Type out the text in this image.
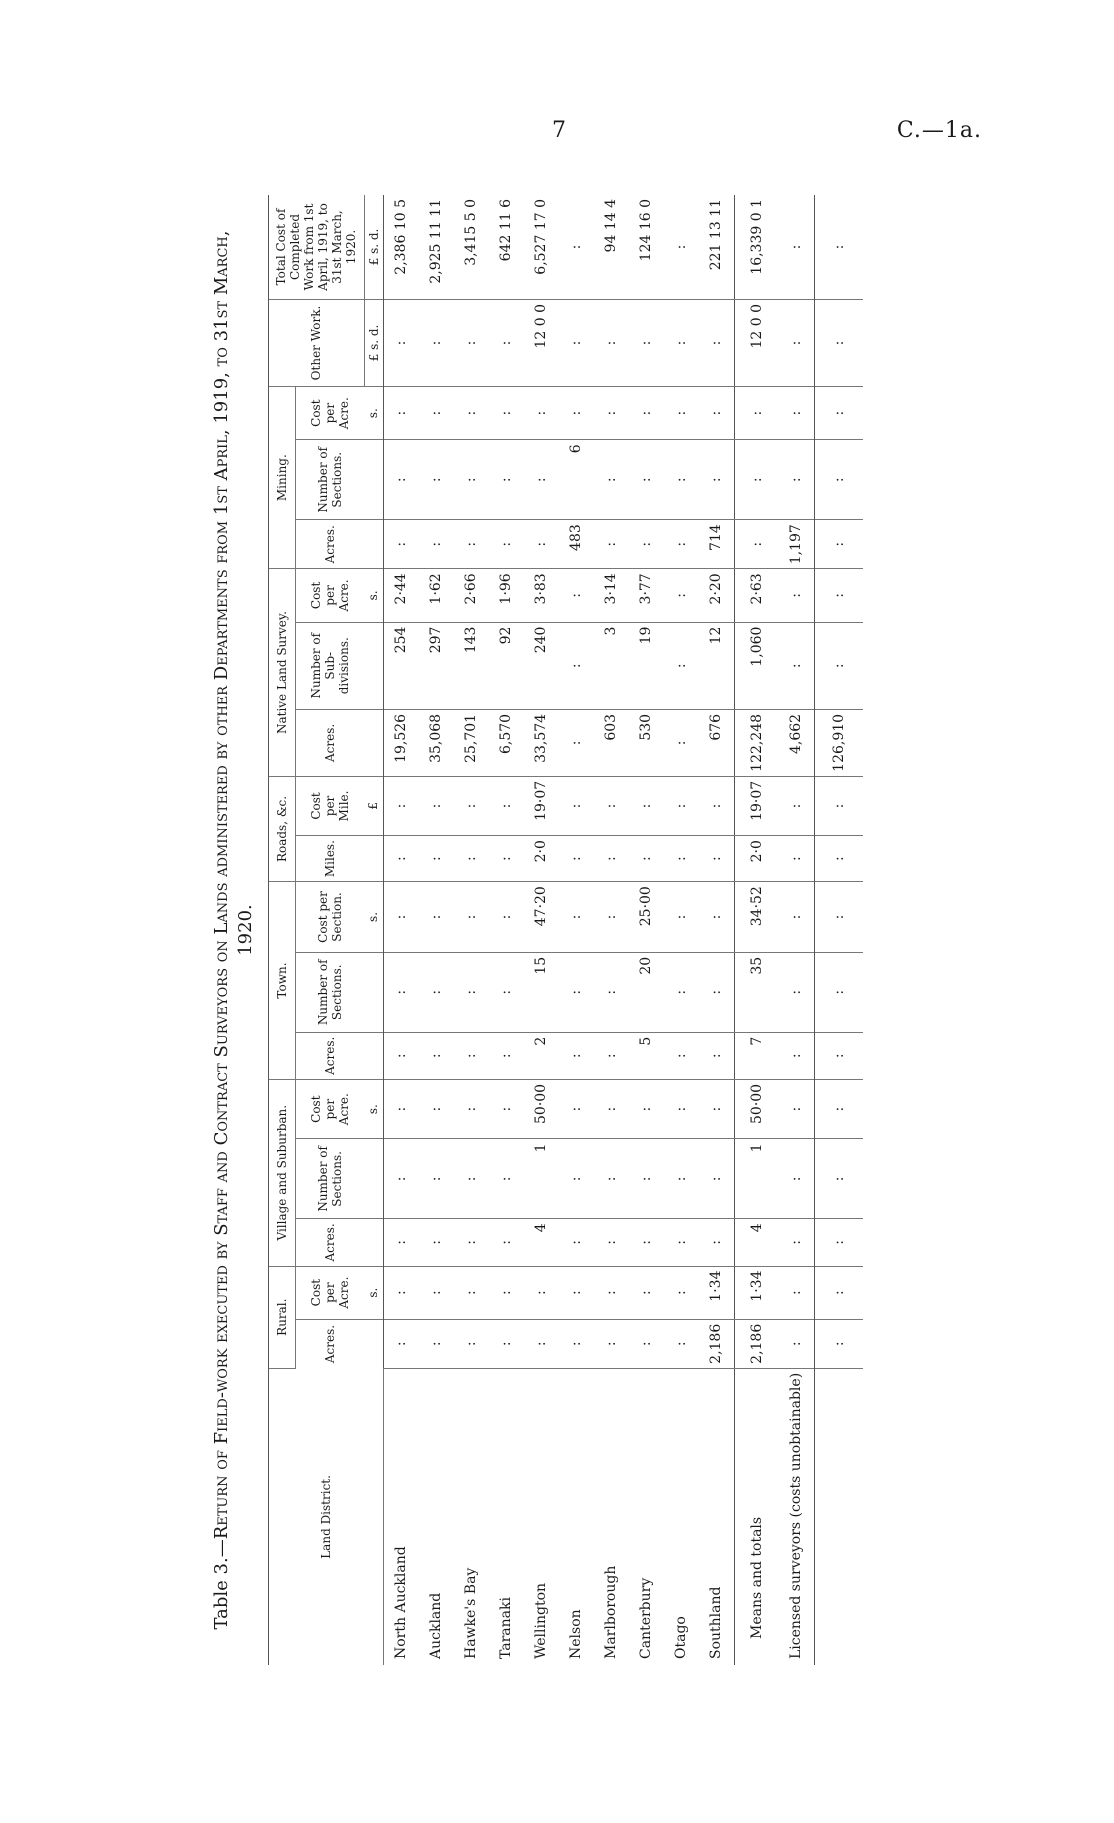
7	C.—1a.
Table 3.—Return of Field-work executed by Staff and Contract Surveyors on Lands administered by other Departments from 1st April, 1919, to 31st March, 1920.
Land District.	Rural.		Village and Suburban.			Town.			Roads, &c.		Native Land Survey.			Mining.			Other Work.	Total Cost of Completed Work from 1st April, 1919, to 31st March, 1920.
	Acres.	Cost per Acre.	Acres.	Number of Sections.	Cost per Acre.	Acres.	Number of Sections.	Cost per Section.	Miles.	Cost per Mile.	Acres.	Number of Sub-divisions.	Cost per Acre.	Acres.	Number of Sections.	Cost per Acre.		
		s.			s.			s.		£			s.			s.	£ s. d.	£ s. d.
North Auckland	:	:	:	:	:	:	:	:	:	:	19,526	254	2·44	:	:	:	:	2,386 10 5
Auckland	:	:	:	:	:	:	:	:	:	:	35,068	297	1·62	:	:	:	:	2,925 11 11
Hawke's Bay	:	:	:	:	:	:	:	:	:	:	25,701	143	2·66	:	:	:	:	3,415 5 0
Taranaki	:	:	:	:	:	:	:	:	:	:	6,570	92	1·96	:	:	:	:	642 11 6
Wellington	:	:	4	1	50·00	2	15	47·20	2·0	19·07	33,574	240	3·83	:	:	:	12 0 0	6,527 17 0
Nelson	:	:	:	:	:	:	:	:	:	:	:	:	:	483	6	:	:	:
Marlborough	:	:	:	:	:	:	:	:	:	:	603	3	3·14	:	:	:	:	94 14 4
Canterbury	:	:	:	:	:	5	20	25·00	:	:	530	19	3·77	:	:	:	:	124 16 0
Otago	:	:	:	:	:	:	:	:	:	:	:	:	:	:	:	:	:	:
Southland	2,186	1·34	:	:	:	:	:	:	:	:	676	12	2·20	714	:	:	:	221 13 11
Means and totals	2,186	1·34	4	1	50·00	7	35	34·52	2·0	19·07	122,248	1,060	2·63	:	:	:	12 0 0	16,339 0 1
Licensed surveyors (costs unobtainable)	:	:	:	:	:	:	:	:	:	:	4,662	:	:	1,197	:	:	:	:
	:	:	:	:	:	:	:	:	:	:	126,910	:	:	:	:	:	:	:
